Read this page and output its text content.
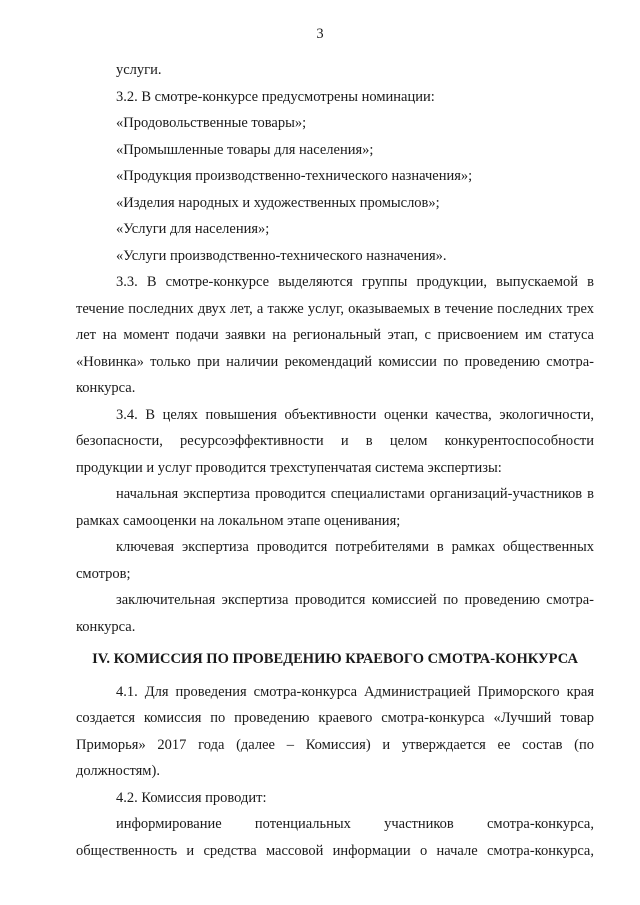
3

услуги.

3.2. В смотре-конкурсе предусмотрены номинации:

«Продовольственные товары»;

«Промышленные товары для населения»;

«Продукция производственно-технического назначения»;

«Изделия народных и художественных промыслов»;

«Услуги для населения»;

«Услуги производственно-технического назначения».

3.3. В смотре-конкурсе выделяются группы продукции, выпускаемой в течение последних двух лет, а также услуг, оказываемых в течение последних трех лет на момент подачи заявки на региональный этап, с присвоением им статуса «Новинка» только при наличии рекомендаций комиссии по проведению смотра-конкурса.

3.4. В целях повышения объективности оценки качества, экологичности, безопасности, ресурсоэффективности и в целом конкурентоспособности продукции и услуг проводится трехступенчатая система экспертизы:

начальная экспертиза проводится специалистами организаций-участников в рамках самооценки на локальном этапе оценивания;

ключевая экспертиза проводится потребителями в рамках общественных смотров;

заключительная экспертиза проводится комиссией по проведению смотра-конкурса.

IV. КОМИССИЯ ПО ПРОВЕДЕНИЮ КРАЕВОГО СМОТРА-КОНКУРСА

4.1. Для проведения смотра-конкурса Администрацией Приморского края создается комиссия по проведению краевого смотра-конкурса «Лучший товар Приморья» 2017 года (далее – Комиссия) и утверждается ее состав (по должностям).

4.2. Комиссия проводит:

информирование потенциальных участников смотра-конкурса, общественность и средства массовой информации о начале смотра-конкурса,
